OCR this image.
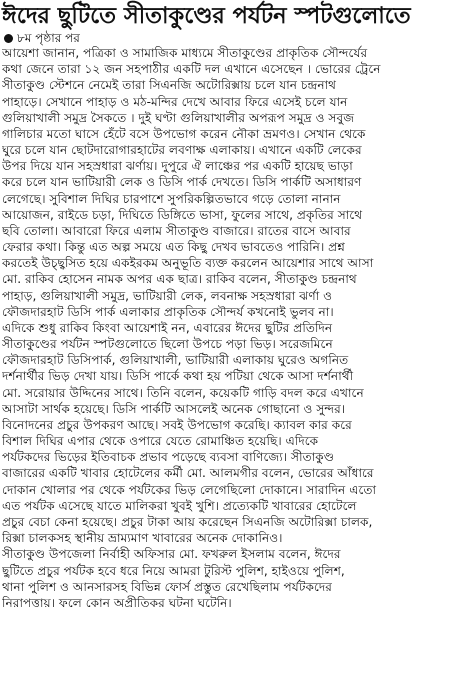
ঈদের ছুটিতে সীতাকুণ্ডের পর্যটন স্পটগুলোতে
৮ম পৃষ্ঠার পর
আয়েশা জানান, পত্রিকা ও সামাজিক মাধ্যমে সীতাকুণ্ডের প্রাকৃতিক সৌন্দর্যের
কথা জেনে তারা ১২ জন সহপাঠীর একটি দল এখানে এসেছেন । ভোরের ট্রেনে
সীতাকুণ্ড স্টেশনে নেমেই তারা সিএনজি অটোরিক্সায় চলে যান চন্দ্রনাথ
পাহাড়ে। সেখানে পাহাড় ও মঠ-মন্দির দেখে আবার ফিরে এসেই চলে যান
গুলিয়াখালী সমুদ্র সৈকতে । দুই ঘণ্টা গুলিয়াখালীর অপরূপ সমুদ্র ও সবুজ
গালিচার মতো ঘাসে হেঁটে বসে উপভোগ করেন নৌকা ভ্রমণও। সেখান থেকে
ঘুরে চলে যান ছোটদারোগারহাটের লবণাক্ষ এলাকায়। এখানে একটি লেকের
উপর দিয়ে যান সহস্রধারা ঝর্ণায়। দুপুরে ঐ লাঞ্চের পর একটি হায়েছ ভাড়া
করে চলে যান ভাটিয়ারী লেক ও ডিসি পার্ক দেখতে। ডিসি পার্কটি অসাধারণ
লেগেছে। সুবিশাল দিঘির চারপাশে সুপরিকল্পিতভাবে গড়ে তোলা নানান
আয়োজন, রাইডে চড়া, দিঘিতে ডিঙ্গিতে ভাসা, ফুলের সাথে, প্রকৃতির সাথে
ছবি তোলা। আবারো ফিরে এলাম সীতাকুণ্ড বাজারে। রাতের বাসে আবার
ফেরার কথা। কিন্তু এত অল্প সময়ে এত কিছু দেখব ভাবতেও পারিনি। প্রশ্ন
করতেই উচ্ছ্বসিত হয়ে একইরকম অনুভূতি ব্যক্ত করলেন আয়েশার সাথে আসা
মো. রাকিব হোসেন নামক অপর এক ছাত্র। রাকিব বলেন, সীতাকুণ্ড চন্দ্রনাথ
পাহাড়, গুলিয়াখালী সমুদ্র, ভাটিয়ারী লেক, লবনাক্ষ সহস্রধারা ঝর্ণা ও
ফৌজদারহাট ডিসি পার্ক এলাকার প্রাকৃতিক সৌন্দর্য কখনোই ভুলব না।
এদিকে শুধু রাকিব কিংবা আয়েশাই নন, এবারের ঈদের ছুটির প্রতিদিন
সীতাকুণ্ডের পর্যটন স্পটগুলোতে ছিলো উপচে পড়া ভিড়। সরেজমিনে
ফৌজদারহাট ডিসিপার্ক, গুলিয়াখালী, ভাটিয়ারী এলাকায় ঘুরেও অগনিত
দর্শনার্থীর ভিড় দেখা যায়। ডিসি পার্কে কথা হয় পটিয়া থেকে আসা দর্শনার্থী
মো. সরোয়ার উদ্দিনের সাথে। তিনি বলেন, কয়েকটি গাড়ি বদল করে এখানে
আসাটা সার্থক হয়েছে। ডিসি পার্কটি আসলেই অনেক গোছানো ও সুন্দর।
বিনোদনের প্রচুর উপকরণ আছে। সবই উপভোগ করেছি। ক্যাবল কার করে
বিশাল দিঘির এপার থেকে ওপারে যেতে রোমাঞ্চিত হয়েছি। এদিকে
পর্যটকদের ভিড়ের ইতিবাচক প্রভাব পড়েছে ব্যবসা বাণিজ্যে। সীতাকুণ্ড
বাজারের একটি খাবার হোটেলের কর্মী মো. আলমগীর বলেন, ভোরের আঁধারে
দোকান খোলার পর থেকে পর্যটকের ভিড় লেগেছিলো দোকানে। সারাদিন এতো
এত পর্যটক এসেছে যাতে মালিকরা খুবই খুশি। প্রত্যেকটি খাবারের হোটেলে
প্রচুর বেচা কেনা হয়েছে। প্রচুর টাকা আয় করেছেন সিএনজি অটোরিক্সা চালক,
রিক্সা চালকসহ স্থানীয় ভ্রাম্যমাণ খাবারের অনেক দোকানিও।
সীতাকুণ্ড উপজেলা নির্বাহী অফিসার মো. ফখরুল ইসলাম বলেন, ঈদের
ছুটিতে প্রচুর পর্যটক হবে ধরে নিয়ে আমরা টুরিস্ট পুলিশ, হাইওয়ে পুলিশ,
থানা পুলিশ ও আনসারসহ বিভিন্ন ফোর্স প্রস্তুত রেখেছিলাম পর্যটকদের
নিরাপত্তায়। ফলে কোন অপ্রীতিকর ঘটনা ঘটেনি।
